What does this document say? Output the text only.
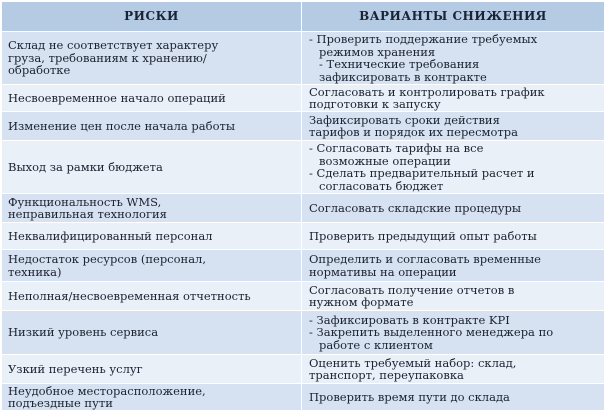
РИСКИ	ВАРИАНТЫ СНИЖЕНИЯ

Склад не соответствует характеру
груза, требованиям к хранению/
обработке	- Проверить поддержание требуемых
режимов хранения
- Технические требования
зафиксировать в контракте

Несвоевременное начало операций	Согласовать и контролировать график
подготовки к запуску

Изменение цен после начала работы	Зафиксировать сроки действия
тарифов и порядок их пересмотра

Выход за рамки бюджета	- Согласовать тарифы на все
возможные операции
- Сделать предварительный расчет и
согласовать бюджет

Функциональность WMS,
неправильная технология	Согласовать складские процедуры

Неквалифицированный персонал	Проверить предыдущий опыт работы

Недостаток ресурсов (персонал,
техника)	Определить и согласовать временные
нормативы на операции

Неполная/несвоевременная отчетность	Согласовать получение отчетов в
нужном формате

Низкий уровень сервиса	- Зафиксировать в контракте KPI
- Закрепить выделенного менеджера по
работе с клиентом

Узкий перечень услуг	Оценить требуемый набор: склад,
транспорт, переупаковка

Неудобное месторасположение,
подъездные пути	Проверить время пути до склада
